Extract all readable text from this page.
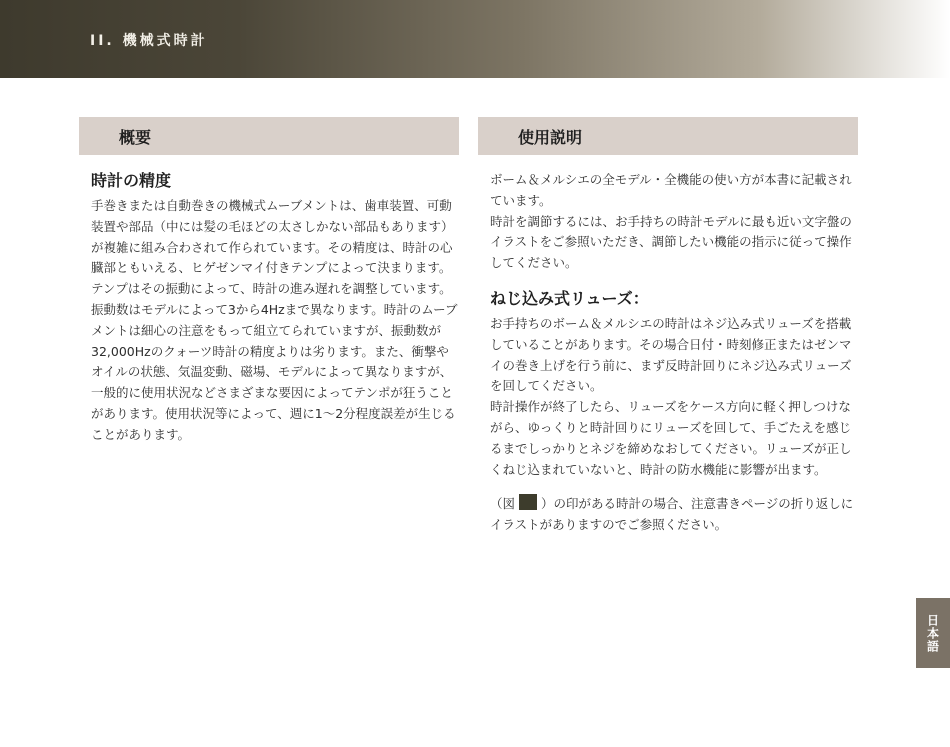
II. 機械式時計
概要	使用説明
時計の精度

手巻きまたは自動巻きの機械式ムーブメントは、歯車装置、可動装置や部品（中には髪の毛ほどの太さしかない部品もあります）が複雑に組み合わされて作られています。その精度は、時計の心臓部ともいえる、ヒゲゼンマイ付きテンプによって決まります。テンプはその振動によって、時計の進み遅れを調整しています。振動数はモデルによって3から4Hzまで異なります。時計のムーブメントは細心の注意をもって組立てられていますが、振動数が32,000Hzのクォーツ時計の精度よりは劣ります。また、衝撃やオイルの状態、気温変動、磁場、モデルによって異なりますが、一般的に使用状況などさまざまな要因によってテンポが狂うことがあります。使用状況等によって、週に1〜2分程度誤差が生じることがあります。

ボーム＆メルシエの全モデル・全機能の使い方が本書に記載されています。

時計を調節するには、お手持ちの時計モデルに最も近い文字盤のイラストをご参照いただき、調節したい機能の指示に従って操作してください。

ねじ込み式リューズ：

お手持ちのボーム＆メルシエの時計はネジ込み式リューズを搭載していることがあります。その場合日付・時刻修正またはゼンマイの巻き上げを行う前に、まず反時計回りにネジ込み式リューズを回してください。

時計操作が終了したら、リューズをケース方向に軽く押しつけながら、ゆっくりと時計回りにリューズを回して、手ごたえを感じるまでしっかりとネジを締めなおしてください。リューズが正しくねじ込まれていないと、時計の防水機能に影響が出ます。

（図 ）の印がある時計の場合、注意書きページの折り返しにイラストがありますのでご参照ください。

日本語
